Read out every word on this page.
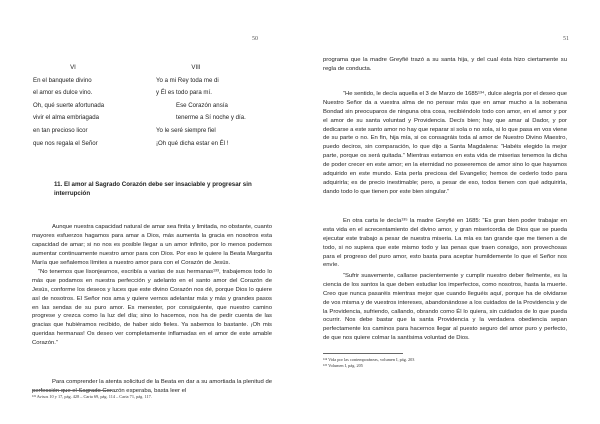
50
VI
En el banquete divino
el amor es dulce vino.
Oh, qué suerte afortunada
vivir el alma embriagada
en tan precioso licor
que nos regala el Señor
VIII
Yo a mi Rey toda me di
y Él es todo para mí.
Ese Corazón ansía
tenerme a Sí noche y día.
Yo le seré siempre fiel
¡Oh qué dicha estar en Él !
11. El amor al Sagrado Corazón debe ser insaciable y progresar sin interrupción

Aunque nuestra capacidad natural de amar sea finita y limitada, no obstante, cuanto mayores esfuerzos hagamos para amar a Dios, más aumenta la gracia en nosotros esta capacidad de amar; si no nos es posible llegar a un amor infinito, por lo menos podemos aumentar continuamente nuestro amor para con Dios. Por eso le quiere la Beata Margarita María que señalemos límites a nuestro amor para con el Corazón de Jesús.

“No tenemos que lisonjearnos, escribía a varias de sus hermanas¹³³, trabajemos todo lo más que podamos en nuestra perfección y adelanto en el santo amor del Corazón de Jesús, conforme los deseos y luces que este divino Corazón nos dé, porque Dios lo quiere así de nosotros. El Señor nos ama y quiere vernos adelantar más y más y grandes pasos en las sendas de su puro amor. Es menester, por consiguiente, que nuestro camino progrese y crezca como la luz del día; sino lo hacemos, nos ha de pedir cuenta de las gracias que hubiéramos recibido, de haber sido fieles. Ya sabemos lo bastante. ¡Oh mis queridas hermanas! Os deseo ver completamente inflamadas en el amor de este amable Corazón.”

Para comprender la atenta solicitud de la Beata en dar a su amortiada la plenitud de perfección que el Sagrado Corazón esperaba, basta leer el

¹³³ Avisos 10 y 17, pág. 428 – Carta 69, pág. 114 – Carta 71, pág. 117.
51

programa que la madre Greyfié trazó a su santa hija, y del cual ésta hizo ciertamente su regla de conducta.

“He sentido, le decía aquella el 3 de Marzo de 1685¹³⁴, dulce alegría por el deseo que Nuestro Señor da a vuestra alma de no pensar más que en amar mucho a la soberana Bondad sin preocuparos de ninguna otra cosa, recibiéndolo todo con amor, en el amor y por el amor de su santa voluntad y Providencia. Decís bien; hay que amar al Dador, y por dedicarse a este santo amor no hay que reparar si sola o no sola, si lo que pasa en vos viene de su parte o no. En fin, hija mía, si os consagráis toda al amor de Nuestro Divino Maestro, puedo deciros, sin comparación, lo que dijo a Santa Magdalena: “Habéis elegido la mejor parte, porque os será quitada.” Mientras estamos en esta vida de miserias tenemos la dicha de poder crecer en este amor; en la eternidad no poseeremos de amor sino lo que hayamos adquirido en este mundo. Esta perla preciosa del Evangelio; hemos de cederlo todo para adquirirla; es de precio inestimable; pero, a pesar de eso, todos tienen con qué adquirirla, dando todo lo que tienen por este bien singular.”

En otra carta le decía¹³⁵ la madre Greyfié en 1685: “Es gran bien poder trabajar en esta vida en el acrecentamiento del divino amor, y gran misericordia de Dios que se pueda ejecutar este trabajo a pesar de nuestra miseria. La mía es tan grande que me tienen a de todo, si no supiera que este mismo todo y las penas que traen consigo, son provechosas para el progreso del puro amor, esto basta para aceptar humildemente lo que el Señor nos envíe.

“Sufrir suavemente, callarse pacientemente y cumplir nuestro deber fielmente, es la ciencia de los santos la que deben estudiar los imperfectos, como nosotros, hasta la muerte. Creo que nunca pasaréis mientras mejor que cuando lleguéis aquí, porque ha de olvidarse de vos misma y de vuestros intereses, abandonándose a los cuidados de la Providencia y de la Providencia, sufriendo, callando, obrando como Él lo quiera, sin cuidados de lo que pueda ocurrir. Nos debe bastar que la santa Providencia y la verdadera obediencia sepan perfectamente los caminos para hacernos llegar al puesto seguro del amor puro y perfecto, de que nos quiere colmar la santísima voluntad de Dios.

¹³⁴ Vida por las contemporáneas, volumen I, pág. 203
¹³⁵ Volumen I, pág. 205
